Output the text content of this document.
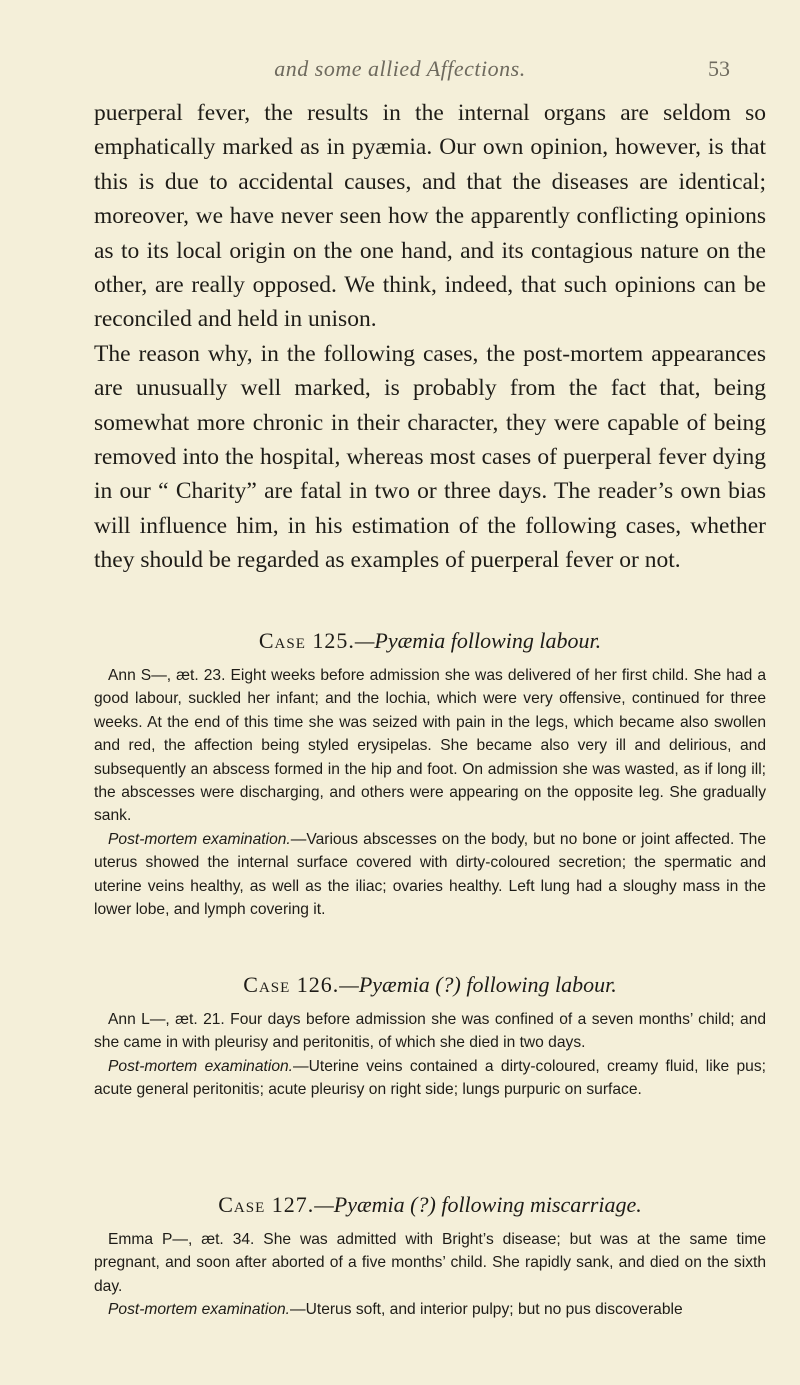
and some allied Affections.	53

puerperal fever, the results in the internal organs are seldom so emphatically marked as in pyæmia. Our own opinion, however, is that this is due to accidental causes, and that the diseases are identical; moreover, we have never seen how the apparently conflicting opinions as to its local origin on the one hand, and its contagious nature on the other, are really opposed. We think, indeed, that such opinions can be reconciled and held in unison.

The reason why, in the following cases, the post-mortem appearances are unusually well marked, is probably from the fact that, being somewhat more chronic in their character, they were capable of being removed into the hospital, whereas most cases of puerperal fever dying in our “ Charity” are fatal in two or three days. The reader’s own bias will influence him, in his estimation of the following cases, whether they should be regarded as examples of puerperal fever or not.

Case 125.—Pyæmia following labour.

Ann S—, æt. 23. Eight weeks before admission she was delivered of her first child. She had a good labour, suckled her infant; and the lochia, which were very offensive, continued for three weeks. At the end of this time she was seized with pain in the legs, which became also swollen and red, the affection being styled erysipelas. She became also very ill and delirious, and subsequently an abscess formed in the hip and foot. On admission she was wasted, as if long ill; the abscesses were discharging, and others were appearing on the opposite leg. She gradually sank.

Post-mortem examination.—Various abscesses on the body, but no bone or joint affected. The uterus showed the internal surface covered with dirty-coloured secretion; the spermatic and uterine veins healthy, as well as the iliac; ovaries healthy. Left lung had a sloughy mass in the lower lobe, and lymph covering it.

Case 126.—Pyæmia (?) following labour.

Ann L—, æt. 21. Four days before admission she was confined of a seven months’ child; and she came in with pleurisy and peritonitis, of which she died in two days.

Post-mortem examination.—Uterine veins contained a dirty-coloured, creamy fluid, like pus; acute general peritonitis; acute pleurisy on right side; lungs purpuric on surface.

Case 127.—Pyæmia (?) following miscarriage.

Emma P—, æt. 34. She was admitted with Bright’s disease; but was at the same time pregnant, and soon after aborted of a five months’ child. She rapidly sank, and died on the sixth day.

Post-mortem examination.—Uterus soft, and interior pulpy; but no pus discoverable
